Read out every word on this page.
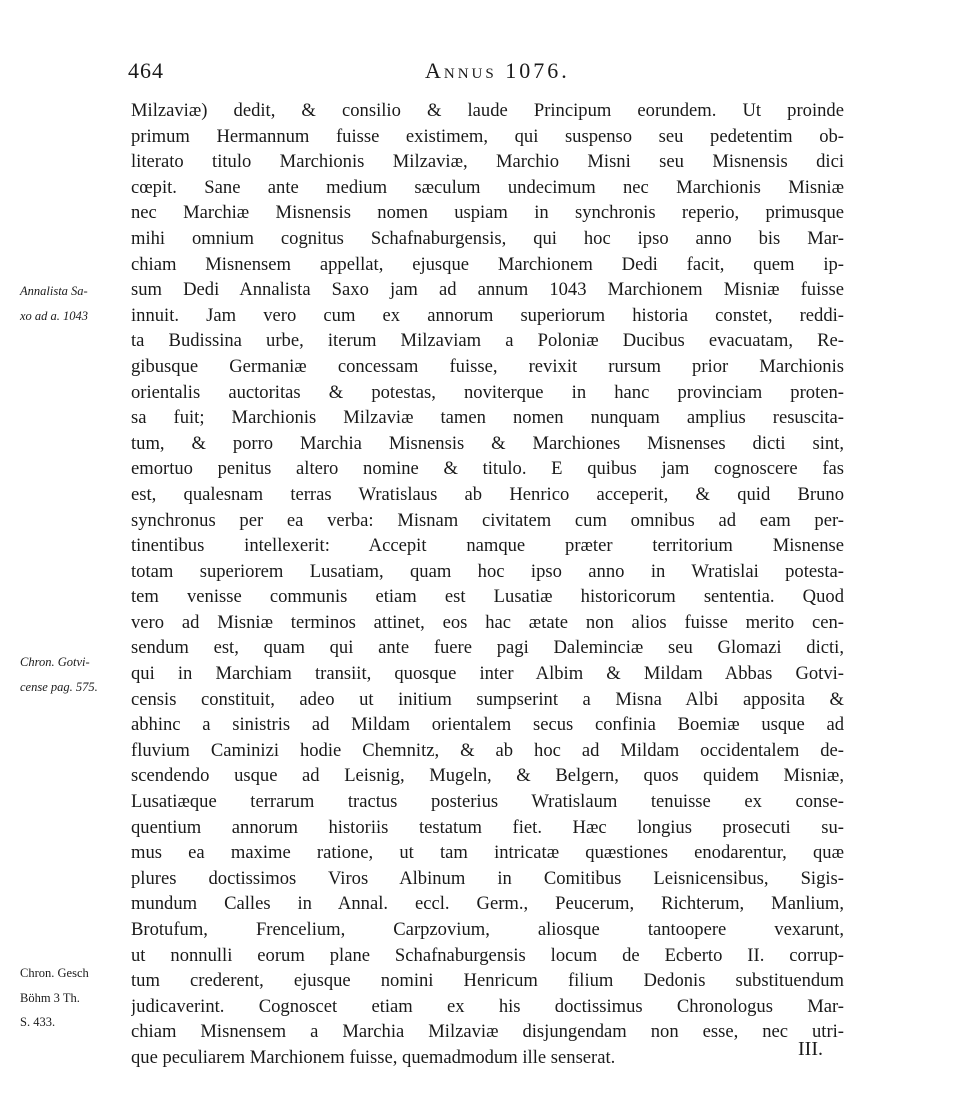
464	Annus 1076.
Annalista Sa-
xo ad a. 1043
Chron. Gotvi-
cense pag. 575.
Chron. Gesch
Böhm 3 Th.
S. 433.
Milzaviæ) dedit, & consilio & laude Principum eorundem. Ut proinde
primum Hermannum fuisse existimem, qui suspenso seu pedetentim ob-
literato titulo Marchionis Milzaviæ, Marchio Misni seu Misnensis dici
cœpit. Sane ante medium sæculum undecimum nec Marchionis Misniæ
nec Marchiæ Misnensis nomen uspiam in synchronis reperio, primusque
mihi omnium cognitus Schafnaburgensis, qui hoc ipso anno bis Mar-
chiam Misnensem appellat, ejusque Marchionem Dedi facit, quem ip-
sum Dedi Annalista Saxo jam ad annum 1043 Marchionem Misniæ fuisse
innuit. Jam vero cum ex annorum superiorum historia constet, reddi-
ta Budissina urbe, iterum Milzaviam a Poloniæ Ducibus evacuatam, Re-
gibusque Germaniæ concessam fuisse, revixit rursum prior Marchionis
orientalis auctoritas & potestas, noviterque in hanc provinciam proten-
sa fuit; Marchionis Milzaviæ tamen nomen nunquam amplius resuscita-
tum, & porro Marchia Misnensis & Marchiones Misnenses dicti sint,
emortuo penitus altero nomine & titulo. E quibus jam cognoscere fas
est, qualesnam terras Wratislaus ab Henrico acceperit, & quid Bruno
synchronus per ea verba: Misnam civitatem cum omnibus ad eam per-
tinentibus intellexerit: Accepit namque præter territorium Misnense
totam superiorem Lusatiam, quam hoc ipso anno in Wratislai potesta-
tem venisse communis etiam est Lusatiæ historicorum sententia. Quod
vero ad Misniæ terminos attinet, eos hac ætate non alios fuisse merito cen-
sendum est, quam qui ante fuere pagi Daleminciæ seu Glomazi dicti,
qui in Marchiam transiit, quosque inter Albim & Mildam Abbas Gotvi-
censis constituit, adeo ut initium sumpserint a Misna Albi apposita &
abhinc a sinistris ad Mildam orientalem secus confinia Boemiæ usque ad
fluvium Caminizi hodie Chemnitz, & ab hoc ad Mildam occidentalem de-
scendendo usque ad Leisnig, Mugeln, & Belgern, quos quidem Misniæ,
Lusatiæque terrarum tractus posterius Wratislaum tenuisse ex conse-
quentium annorum historiis testatum fiet. Hæc longius prosecuti su-
mus ea maxime ratione, ut tam intricatæ quæstiones enodarentur, quæ
plures doctissimos Viros Albinum in Comitibus Leisnicensibus, Sigis-
mundum Calles in Annal. eccl. Germ., Peucerum, Richterum, Manlium,
Brotufum, Frencelium, Carpzovium, aliosque tantoopere vexarunt,
ut nonnulli eorum plane Schafnaburgensis locum de Ecberto II. corrup-
tum crederent, ejusque nomini Henricum filium Dedonis substituendum
judicaverint. Cognoscet etiam ex his doctissimus Chronologus Mar-
chiam Misnensem a Marchia Milzaviæ disjungendam non esse, nec utri-
que peculiarem Marchionem fuisse, quemadmodum ille senserat.	III.
